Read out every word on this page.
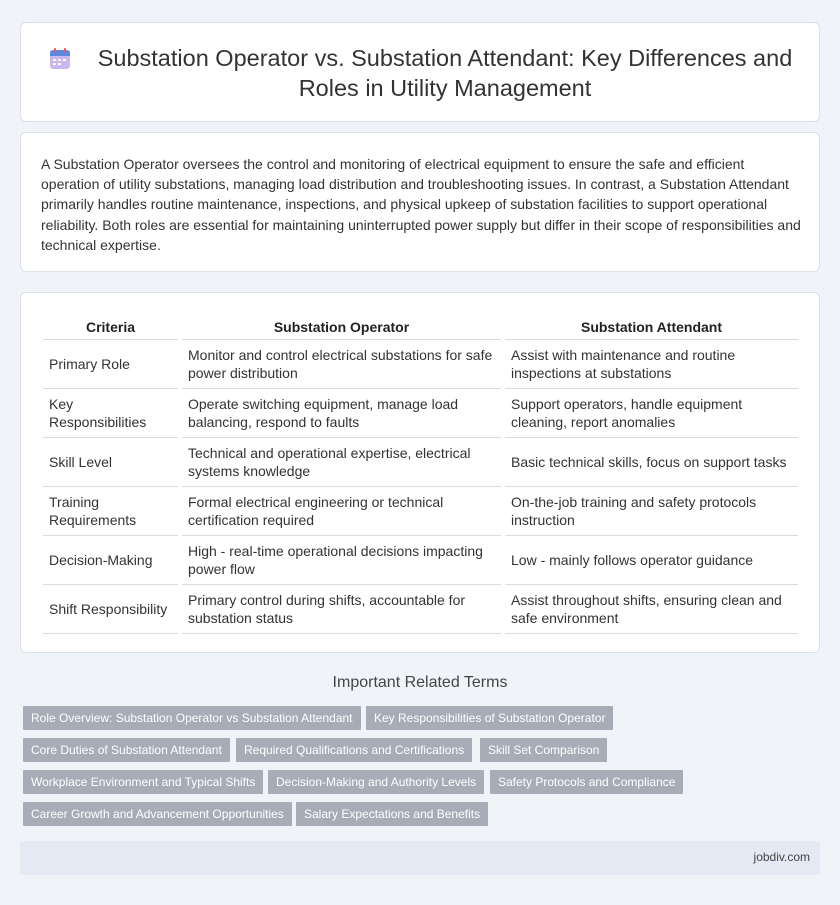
Substation Operator vs. Substation Attendant: Key Differences and Roles in Utility Management

A Substation Operator oversees the control and monitoring of electrical equipment to ensure the safe and efficient operation of utility substations, managing load distribution and troubleshooting issues. In contrast, a Substation Attendant primarily handles routine maintenance, inspections, and physical upkeep of substation facilities to support operational reliability. Both roles are essential for maintaining uninterrupted power supply but differ in their scope of responsibilities and technical expertise.

Criteria	Substation Operator	Substation Attendant
Primary Role	Monitor and control electrical substations for safe power distribution	Assist with maintenance and routine inspections at substations
Key Responsibilities	Operate switching equipment, manage load balancing, respond to faults	Support operators, handle equipment cleaning, report anomalies
Skill Level	Technical and operational expertise, electrical systems knowledge	Basic technical skills, focus on support tasks
Training Requirements	Formal electrical engineering or technical certification required	On-the-job training and safety protocols instruction
Decision-Making	High - real-time operational decisions impacting power flow	Low - mainly follows operator guidance
Shift Responsibility	Primary control during shifts, accountable for substation status	Assist throughout shifts, ensuring clean and safe environment
Important Related Terms
Role Overview: Substation Operator vs Substation Attendant	Key Responsibilities of Substation Operator
Core Duties of Substation Attendant	Required Qualifications and Certifications	Skill Set Comparison
Workplace Environment and Typical Shifts	Decision-Making and Authority Levels	Safety Protocols and Compliance
Career Growth and Advancement Opportunities	Salary Expectations and Benefits
jobdiv.com
